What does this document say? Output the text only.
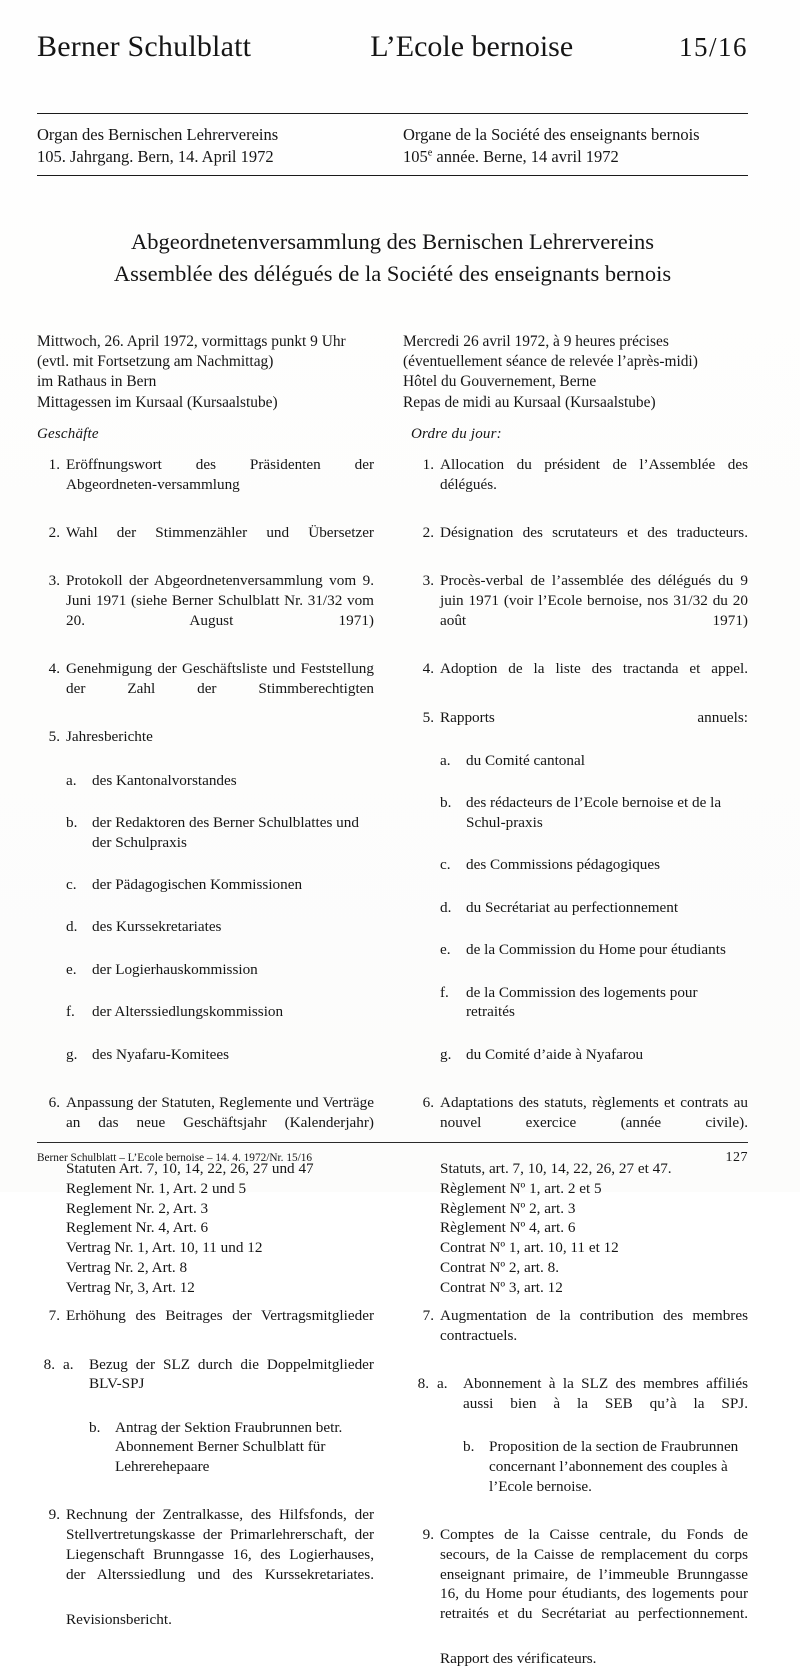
Berner Schulblatt	L’Ecole bernoise	15/16
Organ des Bernischen Lehrervereins
105. Jahrgang. Bern, 14. April 1972
Organe de la Société des enseignants bernois
105e année. Berne, 14 avril 1972
Abgeordnetenversammlung des Bernischen Lehrervereins
Assemblée des délégués de la Société des enseignants bernois
Mittwoch, 26. April 1972, vormittags punkt 9 Uhr
(evtl. mit Fortsetzung am Nachmittag)
im Rathaus in Bern
Mittagessen im Kursaal (Kursaalstube)
Mercredi 26 avril 1972, à 9 heures précises
(éventuellement séance de relevée l’après-midi)
Hôtel du Gouvernement, Berne
Repas de midi au Kursaal (Kursaalstube)
Geschäfte
1. Eröffnungswort des Präsidenten der Abgeordneten-versammlung
2. Wahl der Stimmenzähler und Übersetzer
3. Protokoll der Abgeordnetenversammlung vom 9. Juni 1971 (siehe Berner Schulblatt Nr. 31/32 vom 20. August 1971)
4. Genehmigung der Geschäftsliste und Feststellung der Zahl der Stimmberechtigten
5. Jahresberichte
a.	des Kantonalvorstandes
b. der Redaktoren des Berner Schulblattes und der Schulpraxis
c.	der Pädagogischen Kommissionen
d. des Kurssekretariates
e.	der Logierhauskommission
f.	der Alterssiedlungskommission
g. des Nyafaru-Komitees
6. Anpassung der Statuten, Reglemente und Verträge an das neue Geschäftsjahr (Kalenderjahr)
Statuten Art. 7, 10, 14, 22, 26, 27 und 47
Reglement Nr. 1, Art. 2 und 5
Reglement Nr. 2, Art. 3
Reglement Nr. 4, Art. 6
Vertrag Nr. 1, Art. 10, 11 und 12
Vertrag Nr. 2, Art. 8
Vertrag Nr, 3, Art. 12
7. Erhöhung des Beitrages der Vertragsmitglieder
8. a. Bezug der SLZ durch die Doppelmitglieder BLV-SPJ
b. Antrag der Sektion Fraubrunnen betr. Abonnement Berner Schulblatt für Lehrerehepaare
9. Rechnung der Zentralkasse, des Hilfsfonds, der Stellvertretungskasse der Primarlehrerschaft, der Liegenschaft Brunngasse 16, des Logierhauses, der Alterssiedlung und des Kurssekretariates.
Revisionsbericht.
Ordre du jour:
1. Allocation du président de l’Assemblée des délégués.
2. Désignation des scrutateurs et des traducteurs.
3. Procès-verbal de l’assemblée des délégués du 9 juin 1971 (voir l’Ecole bernoise, nos 31/32 du 20 août 1971)
4. Adoption de la liste des tractanda et appel.
5. Rapports annuels:
a.	du Comité cantonal
b. des rédacteurs de l’Ecole bernoise et de la Schul-praxis
c.	des Commissions pédagogiques
d. du Secrétariat au perfectionnement
e.	de la Commission du Home pour étudiants
f.	de la Commission des logements pour retraités
g. du Comité d’aide à Nyafarou
6. Adaptations des statuts, règlements et contrats au nouvel exercice (année civile).
Statuts, art. 7, 10, 14, 22, 26, 27 et 47.
Règlement Nº 1, art. 2 et 5
Règlement Nº 2, art. 3
Règlement Nº 4, art. 6
Contrat Nº 1, art. 10, 11 et 12
Contrat Nº 2, art. 8.
Contrat Nº 3, art. 12
7. Augmentation de la contribution des membres contractuels.
8. a. Abonnement à la SLZ des membres affiliés aussi bien à la SEB qu’à la SPJ.
b. Proposition de la section de Fraubrunnen concernant l’abonnement des couples à l’Ecole bernoise.
9. Comptes de la Caisse centrale, du Fonds de secours, de la Caisse de remplacement du corps enseignant primaire, de l’immeuble Brunngasse 16, du Home pour étudiants, des logements pour retraités et du Secrétariat au perfectionnement.
Rapport des vérificateurs.
Berner Schulblatt – L’Ecole bernoise – 14. 4. 1972/Nr. 15/16	127
